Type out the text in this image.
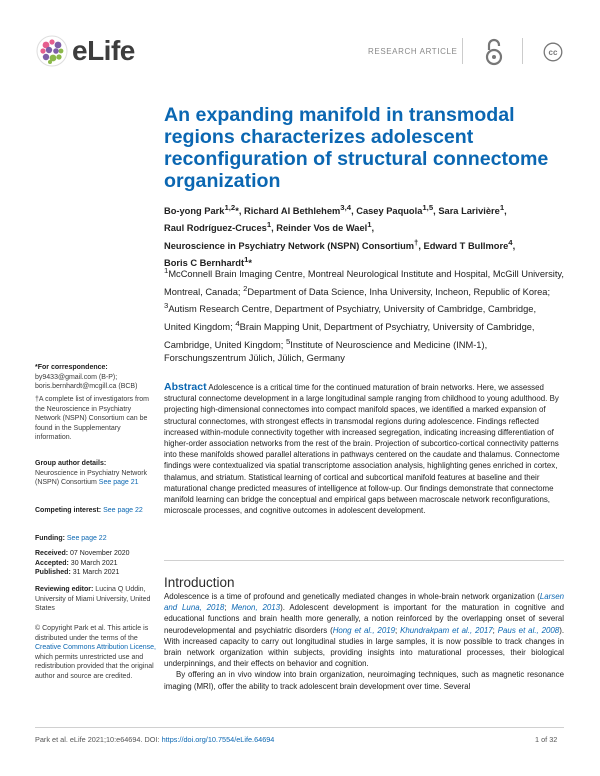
eLife	RESEARCH ARTICLE	cc
An expanding manifold in transmodal regions characterizes adolescent reconfiguration of structural connectome organization
Bo-yong Park$^{1,2}$*, Richard AI Bethlehem$^{3,4}$, Casey Paquola$^{1,5}$, Sara Larivière$^1$,
Raul Rodríguez-Cruces$^1$, Reinder Vos de Wael$^1$,
Neuroscience in Psychiatry Network (NSPN) Consortium†, Edward T Bullmore$^4$,
Boris C Bernhardt$^1$*
$^1$McConnell Brain Imaging Centre, Montreal Neurological Institute and Hospital, McGill University, Montreal, Canada; $^2$Department of Data Science, Inha University, Incheon, Republic of Korea; $^3$Autism Research Centre, Department of Psychiatry, University of Cambridge, Cambridge, United Kingdom; $^4$Brain Mapping Unit, Department of Psychiatry, University of Cambridge, Cambridge, United Kingdom; $^5$Institute of Neuroscience and Medicine (INM-1), Forschungszentrum Jülich, Jülich, Germany
*For correspondence:
by9433@gmail.com (B-P);
boris.bernhardt@mcgill.ca (BCB)
†A complete list of investigators from the Neuroscience in Psychiatry Network (NSPN) Consortium can be found in the Supplementary information.
Group author details:
Neuroscience in Psychiatry Network (NSPN) Consortium See page 21
Competing interest: See page 22
Funding: See page 22
Received: 07 November 2020
Accepted: 30 March 2021
Published: 31 March 2021
Reviewing editor: Lucina Q Uddin, University of Miami University, United States
© Copyright Park et al. This article is distributed under the terms of the Creative Commons Attribution License, which permits unrestricted use and redistribution provided that the original author and source are credited.
Abstract Adolescence is a critical time for the continued maturation of brain networks. Here, we assessed structural connectome development in a large longitudinal sample ranging from childhood to young adulthood. By projecting high-dimensional connectomes into compact manifold spaces, we identified a marked expansion of structural connectomes, with strongest effects in transmodal regions during adolescence. Findings reflected increased within-module connectivity together with increased segregation, indicating increasing differentiation of higher-order association networks from the rest of the brain. Projection of subcortico-cortical connectivity patterns into these manifolds showed parallel alterations in pathways centered on the caudate and thalamus. Connectome findings were contextualized via spatial transcriptome association analysis, highlighting genes enriched in cortex, thalamus, and striatum. Statistical learning of cortical and subcortical manifold features at baseline and their maturational change predicted measures of intelligence at follow-up. Our findings demonstrate that connectome manifold learning can bridge the conceptual and empirical gaps between macroscale network reconfigurations, microscale processes, and cognitive outcomes in adolescent development.
Introduction

Adolescence is a time of profound and genetically mediated changes in whole-brain network organization (Larsen and Luna, 2018; Menon, 2013). Adolescent development is important for the maturation in cognitive and educational functions and brain health more generally, a notion reinforced by the overlapping onset of several neurodevelopmental and psychiatric disorders (Hong et al., 2019; Khundrakpam et al., 2017; Paus et al., 2008). With increased capacity to carry out longitudinal studies in large samples, it is now possible to track changes in brain network organization within subjects, providing insights into maturational processes, their biological underpinnings, and their effects on behavior and cognition.

By offering an in vivo window into brain organization, neuroimaging techniques, such as magnetic resonance imaging (MRI), offer the ability to track adolescent brain development over time. Several

Park et al. eLife 2021;10:e64694. DOI: https://doi.org/10.7554/eLife.64694	1 of 32
